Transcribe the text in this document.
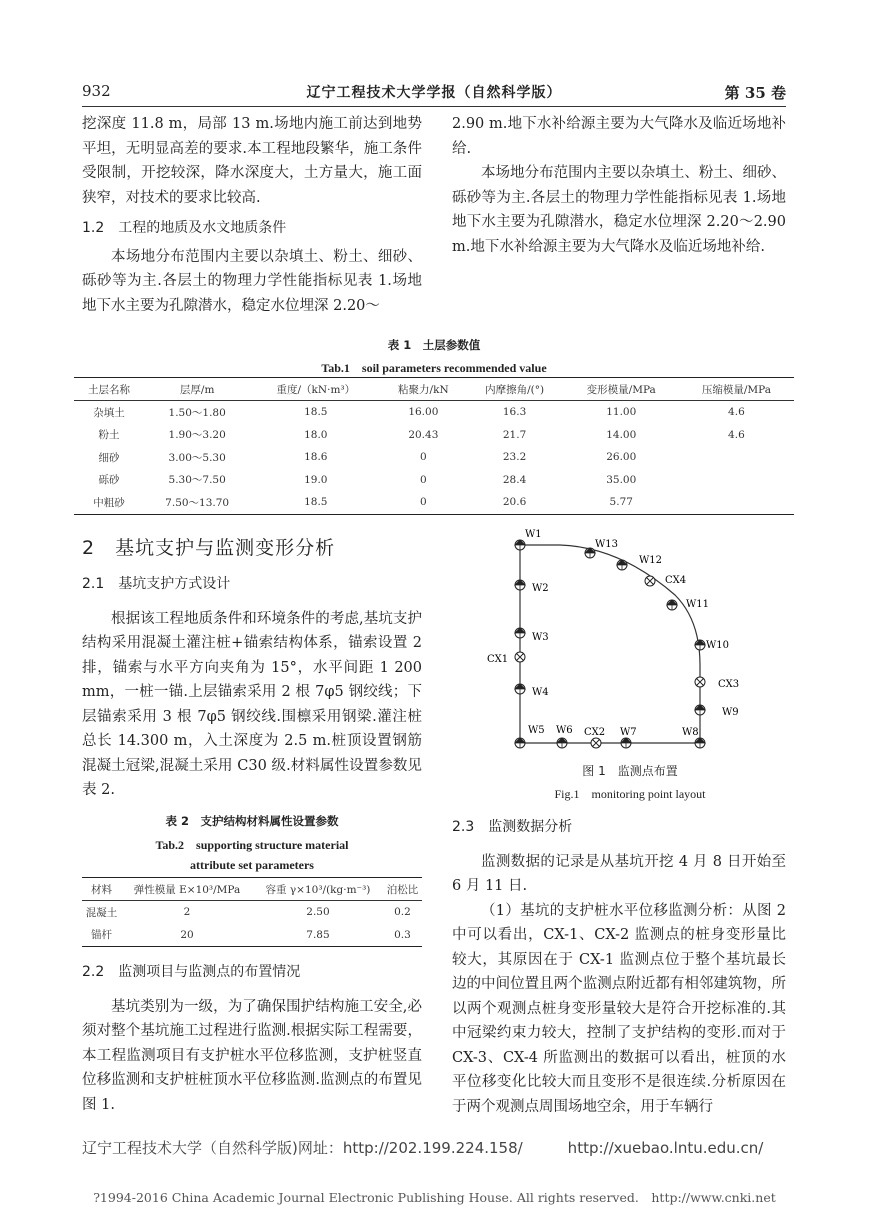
932	辽宁工程技术大学学报（自然科学版）	第 35 卷

挖深度 11.8 m，局部 13 m.场地内施工前达到地势平坦，无明显高差的要求.本工程地段繁华，施工条件受限制，开挖较深，降水深度大，土方量大，施工面狭窄，对技术的要求比较高.

1.2　工程的地质及水文地质条件

本场地分布范围内主要以杂填土、粉土、细砂、砾砂等为主.各层土的物理力学性能指标见表 1.场地地下水主要为孔隙潜水，稳定水位埋深 2.20～

2.90 m.地下水补给源主要为大气降水及临近场地补给.

本场地分布范围内主要以杂填土、粉土、细砂、砾砂等为主.各层土的物理力学性能指标见表 1.场地地下水主要为孔隙潜水，稳定水位埋深 2.20～2.90 m.地下水补给源主要为大气降水及临近场地补给.

表 1　土层参数值
Tab.1　soil parameters recommended value
土层名称	层厚/m	重度/（kN·m³）	粘聚力/kN	内摩擦角/(°)	变形模量/MPa	压缩模量/MPa
杂填土	1.50～1.80	18.5	16.00	16.3	11.00	4.6
粉土	1.90～3.20	18.0	20.43	21.7	14.00	4.6
细砂	3.00～5.30	18.6	0	23.2	26.00	
砾砂	5.30～7.50	19.0	0	28.4	35.00	
中粗砂	7.50～13.70	18.5	0	20.6	5.77	

2　基坑支护与监测变形分析

2.1　基坑支护方式设计

根据该工程地质条件和环境条件的考虑,基坑支护结构采用混凝土灌注桩+锚索结构体系，锚索设置 2 排，锚索与水平方向夹角为 15°，水平间距 1 200 mm，一桩一锚.上层锚索采用 2 根 7φ5 钢绞线；下层锚索采用 3 根 7φ5 钢绞线.围檩采用钢梁.灌注桩总长 14.300 m，入土深度为 2.5 m.桩顶设置钢筋混凝土冠梁,混凝土采用 C30 级.材料属性设置参数见表 2.

表 2　支护结构材料属性设置参数
Tab.2　supporting structure material
attribute set parameters
材料	弹性模量 E×10³/MPa	容重 γ×10³/(kg·m⁻³)	泊松比
混凝土	2	2.50	0.2
锚杆	20	7.85	0.3

2.2　监测项目与监测点的布置情况

基坑类别为一级，为了确保围护结构施工安全,必须对整个基坑施工过程进行监测.根据实际工程需要，本工程监测项目有支护桩水平位移监测，支护桩竖直位移监测和支护桩桩顶水平位移监测.监测点的布置见图 1.

W1
W2
W3
CX1
W4
W5 W6 CX2 W7	W8
W9
CX3
W10
W11
CX4
W12
W13
图 1　监测点布置
Fig.1　monitoring point layout

2.3　监测数据分析

监测数据的记录是从基坑开挖 4 月 8 日开始至 6 月 11 日.

（1）基坑的支护桩水平位移监测分析：从图 2 中可以看出，CX-1、CX-2 监测点的桩身变形量比较大，其原因在于 CX-1 监测点位于整个基坑最长边的中间位置且两个监测点附近都有相邻建筑物，所以两个观测点桩身变形量较大是符合开挖标准的.其中冠梁约束力较大，控制了支护结构的变形.而对于 CX-3、CX-4 所监测出的数据可以看出，桩顶的水平位移变化比较大而且变形不是很连续.分析原因在于两个观测点周围场地空余，用于车辆行

辽宁工程技术大学（自然科学版)网址：http://202.199.224.158/　　　http://xuebao.lntu.edu.cn/
?1994-2016 China Academic Journal Electronic Publishing House. All rights reserved.　http://www.cnki.net
